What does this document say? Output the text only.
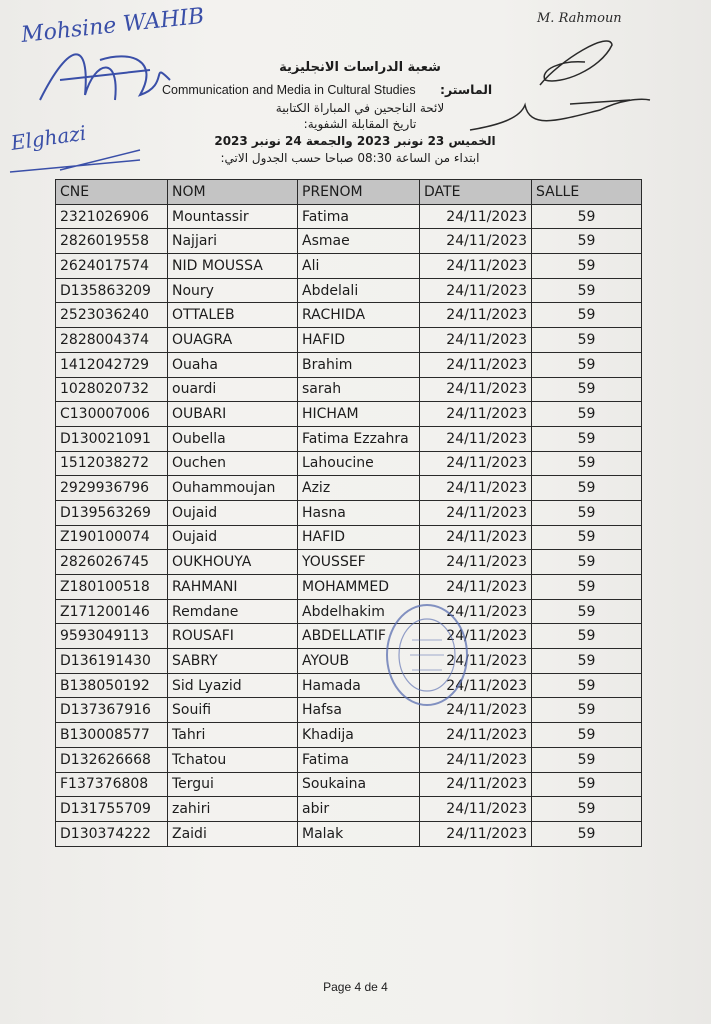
Mohsine WAHIB
Elghazi
M. Rahmoun
شعبة الدراسات الانجليزية
Communication and Media in Cultural Studies الماستر:
لائحة الناجحين في المباراة الكتابية
تاريخ المقابلة الشفوية:
الخميس 23 نونبر 2023 والجمعة 24 نونبر 2023
ابتداء من الساعة 08:30 صباحا حسب الجدول الاتي:
CNE	NOM	PRENOM	DATE	SALLE
2321026906	Mountassir	Fatima	24/11/2023	59
2826019558	Najjari	Asmae	24/11/2023	59
2624017574	NID MOUSSA	Ali	24/11/2023	59
D135863209	Noury	Abdelali	24/11/2023	59
2523036240	OTTALEB	RACHIDA	24/11/2023	59
2828004374	OUAGRA	HAFID	24/11/2023	59
1412042729	Ouaha	Brahim	24/11/2023	59
1028020732	ouardi	sarah	24/11/2023	59
C130007006	OUBARI	HICHAM	24/11/2023	59
D130021091	Oubella	Fatima Ezzahra	24/11/2023	59
1512038272	Ouchen	Lahoucine	24/11/2023	59
2929936796	Ouhammoujan	Aziz	24/11/2023	59
D139563269	Oujaid	Hasna	24/11/2023	59
Z190100074	Oujaid	HAFID	24/11/2023	59
2826026745	OUKHOUYA	YOUSSEF	24/11/2023	59
Z180100518	RAHMANI	MOHAMMED	24/11/2023	59
Z171200146	Remdane	Abdelhakim	24/11/2023	59
9593049113	ROUSAFI	ABDELLATIF	24/11/2023	59
D136191430	SABRY	AYOUB	24/11/2023	59
B138050192	Sid Lyazid	Hamada	24/11/2023	59
D137367916	Souifi	Hafsa	24/11/2023	59
B130008577	Tahri	Khadija	24/11/2023	59
D132626668	Tchatou	Fatima	24/11/2023	59
F137376808	Tergui	Soukaina	24/11/2023	59
D131755709	zahiri	abir	24/11/2023	59
D130374222	Zaidi	Malak	24/11/2023	59
Page 4 de 4
